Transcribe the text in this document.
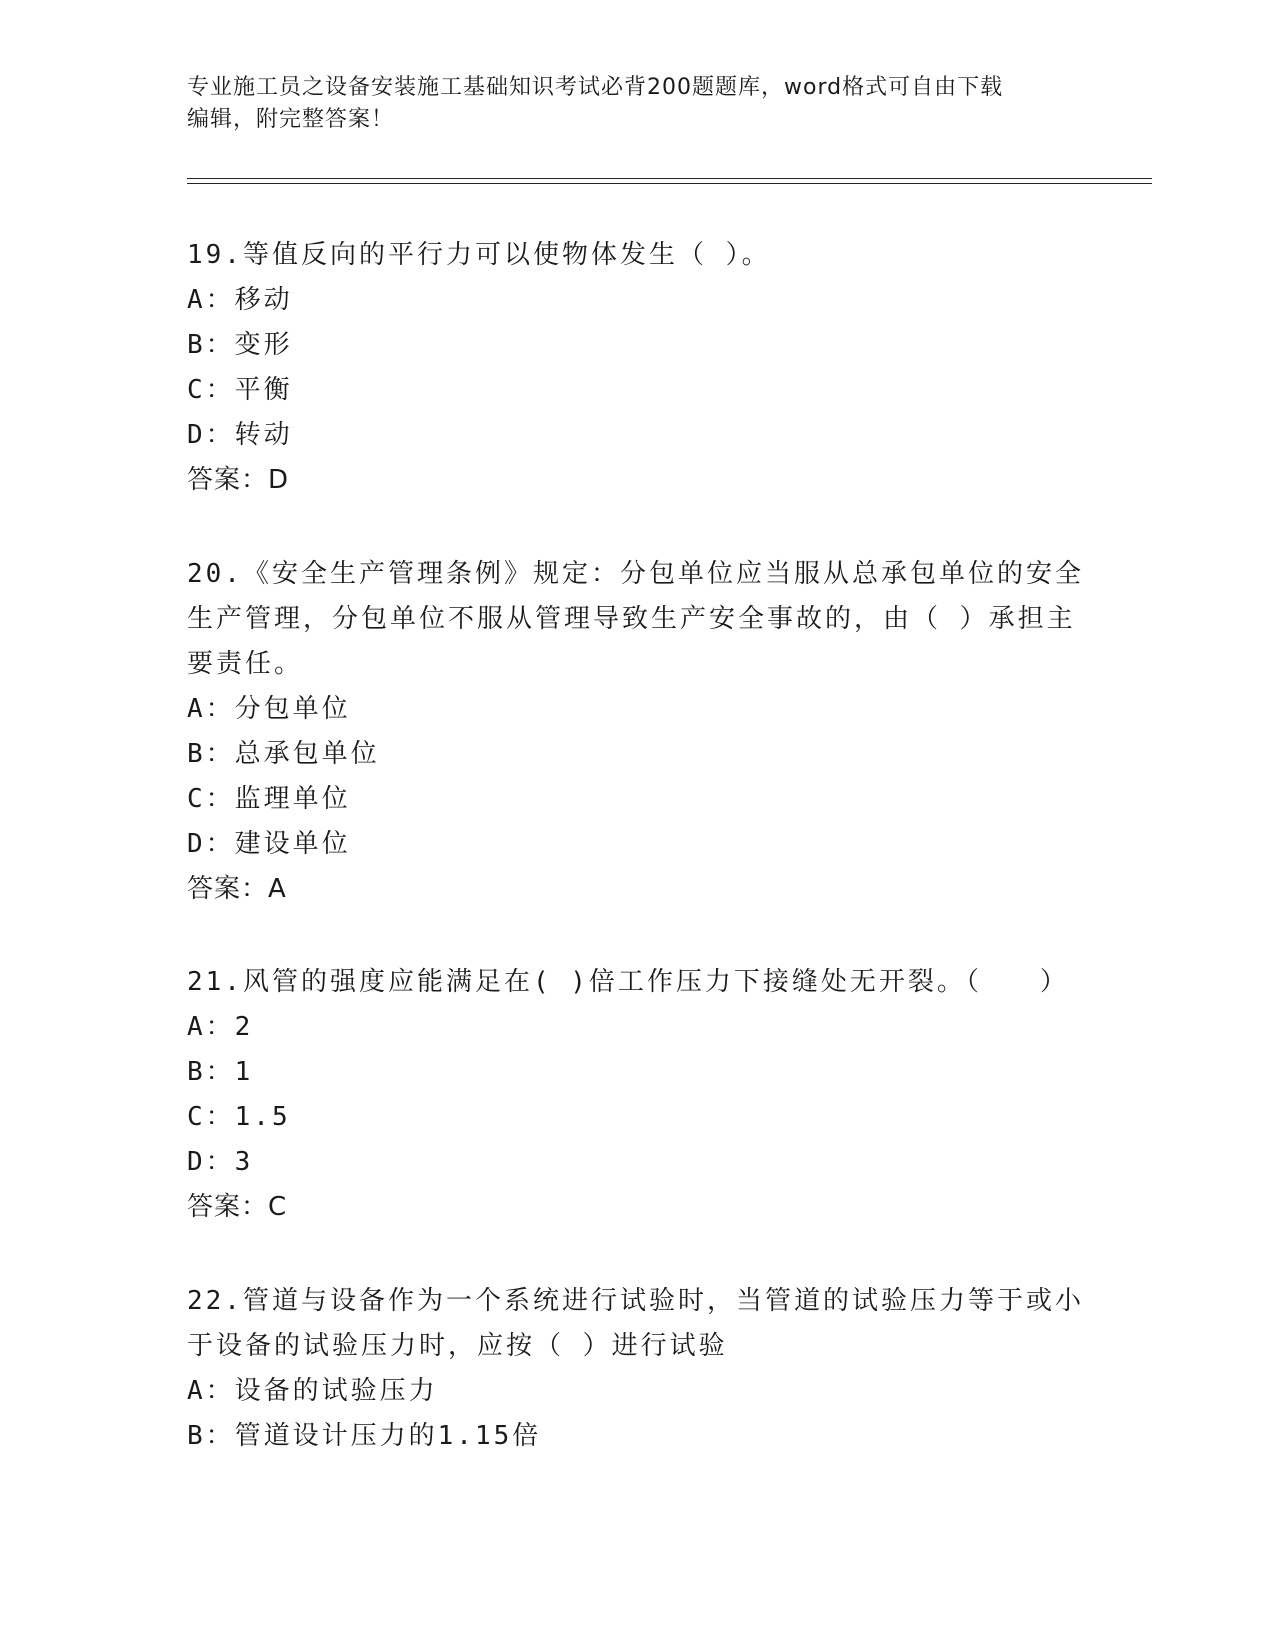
专业施工员之设备安装施工基础知识考试必背200题题库，word格式可自由下载
编辑，附完整答案！
19.等值反向的平行力可以使物体发生（ ）。
A：移动
B：变形
C：平衡
D：转动
答案：D
20.《安全生产管理条例》规定：分包单位应当服从总承包单位的安全
生产管理，分包单位不服从管理导致生产安全事故的，由（ ）承担主
要责任。
A：分包单位
B：总承包单位
C：监理单位
D：建设单位
答案：A
21.风管的强度应能满足在( )倍工作压力下接缝处无开裂。（　　）
A：2
B：1
C：1.5
D：3
答案：C
22.管道与设备作为一个系统进行试验时，当管道的试验压力等于或小
于设备的试验压力时，应按（ ）进行试验
A：设备的试验压力
B：管道设计压力的1.15倍
